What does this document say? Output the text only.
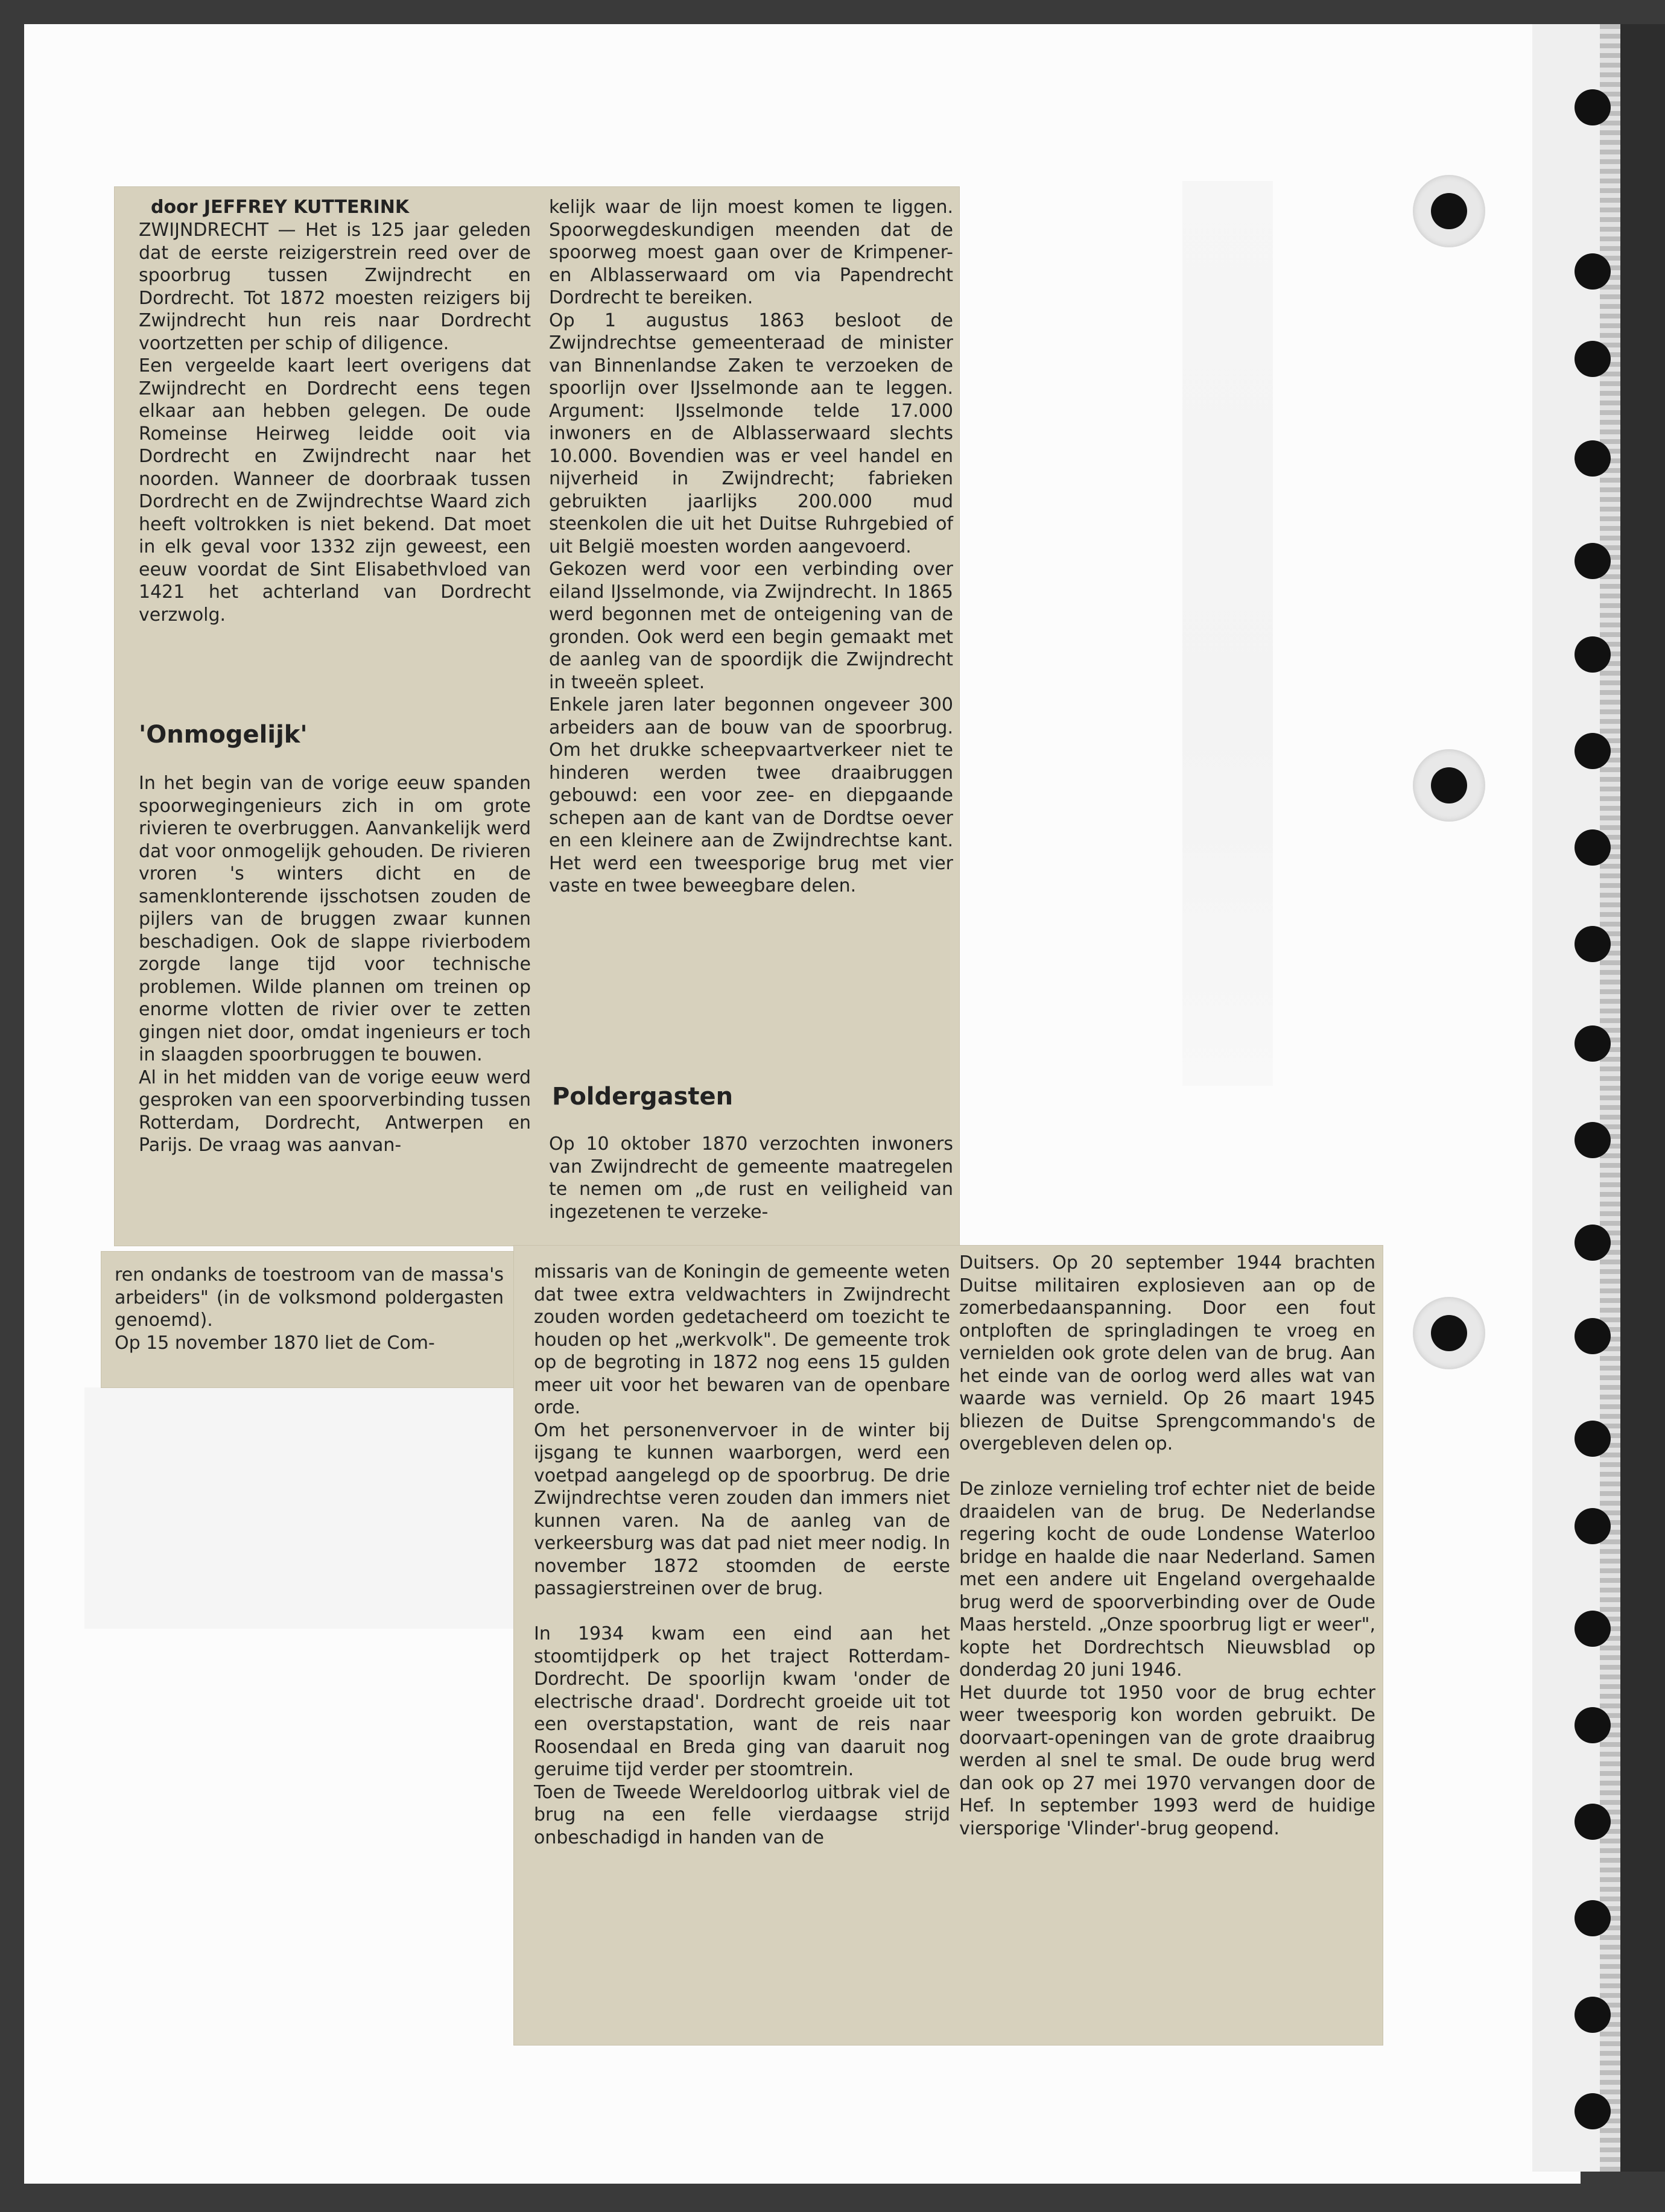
door JEFFREY KUTTERINK
ZWIJNDRECHT — Het is 125 jaar geleden dat de eerste reizigerstrein reed over de spoorbrug tussen Zwijndrecht en Dordrecht. Tot 1872 moesten reizigers bij Zwijndrecht hun reis naar Dordrecht voortzetten per schip of diligence.
Een vergeelde kaart leert overigens dat Zwijndrecht en Dordrecht eens tegen elkaar aan hebben gelegen. De oude Romeinse Heirweg leidde ooit via Dordrecht en Zwijndrecht naar het noorden. Wanneer de doorbraak tussen Dordrecht en de Zwijndrechtse Waard zich heeft voltrokken is niet bekend. Dat moet in elk geval voor 1332 zijn geweest, een eeuw voordat de Sint Elisabethvloed van 1421 het achterland van Dordrecht verzwolg.
'Onmogelijk'
In het begin van de vorige eeuw spanden spoorwegingenieurs zich in om grote rivieren te overbruggen. Aanvankelijk werd dat voor onmogelijk gehouden. De rivieren vroren 's winters dicht en de samenklonterende ijsschotsen zouden de pijlers van de bruggen zwaar kunnen beschadigen. Ook de slappe rivierbodem zorgde lange tijd voor technische problemen. Wilde plannen om treinen op enorme vlotten de rivier over te zetten gingen niet door, omdat ingenieurs er toch in slaagden spoorbruggen te bouwen.
Al in het midden van de vorige eeuw werd gesproken van een spoorverbinding tussen Rotterdam, Dordrecht, Antwerpen en Parijs. De vraag was aanvan-
kelijk waar de lijn moest komen te liggen. Spoorwegdeskundigen meenden dat de spoorweg moest gaan over de Krimpener- en Alblasserwaard om via Papendrecht Dordrecht te bereiken.
Op 1 augustus 1863 besloot de Zwijndrechtse gemeenteraad de minister van Binnenlandse Zaken te verzoeken de spoorlijn over IJsselmonde aan te leggen. Argument: IJsselmonde telde 17.000 inwoners en de Alblasserwaard slechts 10.000. Bovendien was er veel handel en nijverheid in Zwijndrecht; fabrieken gebruikten jaarlijks 200.000 mud steenkolen die uit het Duitse Ruhrgebied of uit België moesten worden aangevoerd.
Gekozen werd voor een verbinding over eiland IJsselmonde, via Zwijndrecht. In 1865 werd begonnen met de onteigening van de gronden. Ook werd een begin gemaakt met de aanleg van de spoordijk die Zwijndrecht in tweeën spleet.
Enkele jaren later begonnen ongeveer 300 arbeiders aan de bouw van de spoorbrug. Om het drukke scheepvaartverkeer niet te hinderen werden twee draaibruggen gebouwd: een voor zee- en diepgaande schepen aan de kant van de Dordtse oever en een kleinere aan de Zwijndrechtse kant. Het werd een tweesporige brug met vier vaste en twee beweegbare delen.
Poldergasten
Op 10 oktober 1870 verzochten inwoners van Zwijndrecht de gemeente maatregelen te nemen om „de rust en veiligheid van ingezetenen te verzeke-
ren ondanks de toestroom van de massa's arbeiders" (in de volksmond poldergasten genoemd).
Op 15 november 1870 liet de Com-
missaris van de Koningin de gemeente weten dat twee extra veldwachters in Zwijndrecht zouden worden gedetacheerd om toezicht te houden op het „werkvolk". De gemeente trok op de begroting in 1872 nog eens 15 gulden meer uit voor het bewaren van de openbare orde.
Om het personenvervoer in de winter bij ijsgang te kunnen waarborgen, werd een voetpad aangelegd op de spoorbrug. De drie Zwijndrechtse veren zouden dan immers niet kunnen varen. Na de aanleg van de verkeersburg was dat pad niet meer nodig. In november 1872 stoomden de eerste passagierstreinen over de brug.

In 1934 kwam een eind aan het stoomtijdperk op het traject Rotterdam-Dordrecht. De spoorlijn kwam 'onder de electrische draad'. Dordrecht groeide uit tot een overstapstation, want de reis naar Roosendaal en Breda ging van daaruit nog geruime tijd verder per stoomtrein.
Toen de Tweede Wereldoorlog uitbrak viel de brug na een felle vierdaagse strijd onbeschadigd in handen van de
Duitsers. Op 20 september 1944 brachten Duitse militairen explosieven aan op de zomerbedaanspanning. Door een fout ontploften de springladingen te vroeg en vernielden ook grote delen van de brug. Aan het einde van de oorlog werd alles wat van waarde was vernield. Op 26 maart 1945 bliezen de Duitse Sprengcommando's de overgebleven delen op.

De zinloze vernieling trof echter niet de beide draaidelen van de brug. De Nederlandse regering kocht de oude Londense Waterloo bridge en haalde die naar Nederland. Samen met een andere uit Engeland overgehaalde brug werd de spoorverbinding over de Oude Maas hersteld. „Onze spoorbrug ligt er weer", kopte het Dordrechtsch Nieuwsblad op donderdag 20 juni 1946.
Het duurde tot 1950 voor de brug echter weer tweesporig kon worden gebruikt. De doorvaart-openingen van de grote draaibrug werden al snel te smal. De oude brug werd dan ook op 27 mei 1970 vervangen door de Hef. In september 1993 werd de huidige viersporige 'Vlinder'-brug geopend.
